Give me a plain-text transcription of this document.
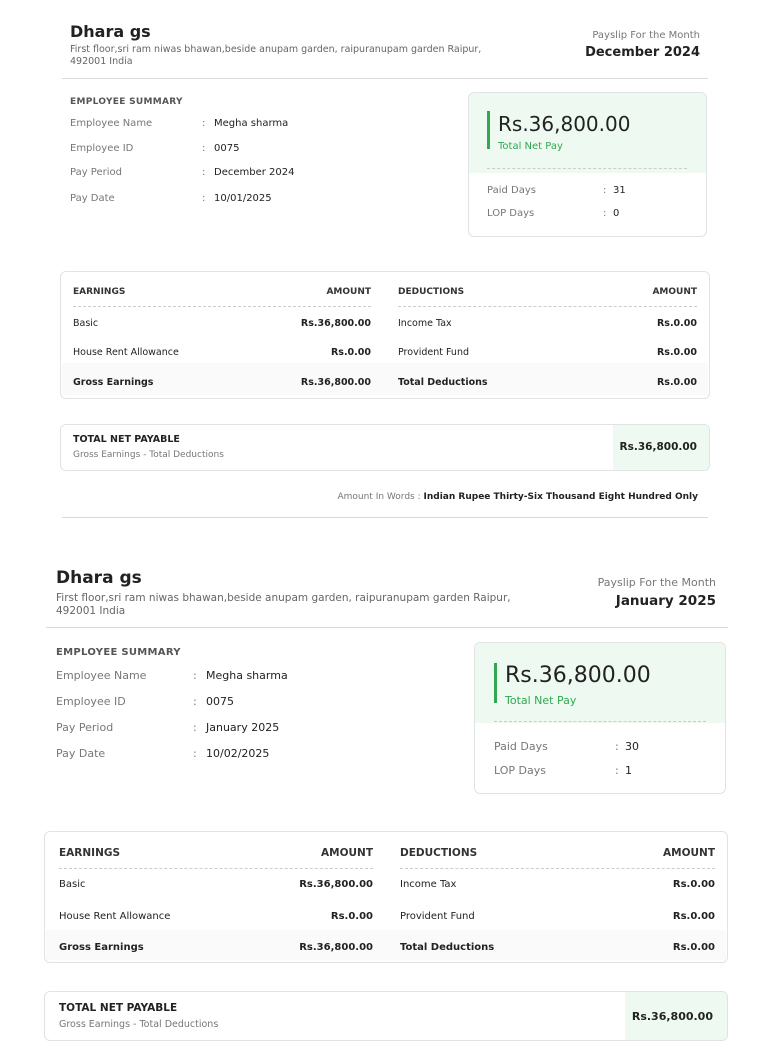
Dhara gs
First floor,sri ram niwas bhawan,beside anupam garden, raipuranupam garden Raipur, 492001 India
Payslip For the Month
December 2024
EMPLOYEE SUMMARY
Employee Name	: Megha sharma
Employee ID	: 0075
Pay Period	: December 2024
Pay Date	: 10/01/2025
Rs.36,800.00
Total Net Pay
Paid Days	: 31
LOP Days	: 0
EARNINGS	AMOUNT	DEDUCTIONS	AMOUNT
Basic	Rs.36,800.00	Income Tax	Rs.0.00
House Rent Allowance	Rs.0.00	Provident Fund	Rs.0.00
Gross Earnings	Rs.36,800.00	Total Deductions	Rs.0.00
TOTAL NET PAYABLE
Gross Earnings - Total Deductions
Rs.36,800.00
Amount In Words : Indian Rupee Thirty-Six Thousand Eight Hundred Only
Dhara gs
First floor,sri ram niwas bhawan,beside anupam garden, raipuranupam garden Raipur, 492001 India
Payslip For the Month
January 2025
EMPLOYEE SUMMARY
Employee Name	: Megha sharma
Employee ID	: 0075
Pay Period	: January 2025
Pay Date	: 10/02/2025
Rs.36,800.00
Total Net Pay
Paid Days	: 30
LOP Days	: 1
EARNINGS	AMOUNT	DEDUCTIONS	AMOUNT
Basic	Rs.36,800.00	Income Tax	Rs.0.00
House Rent Allowance	Rs.0.00	Provident Fund	Rs.0.00
Gross Earnings	Rs.36,800.00	Total Deductions	Rs.0.00
TOTAL NET PAYABLE
Gross Earnings - Total Deductions
Rs.36,800.00
